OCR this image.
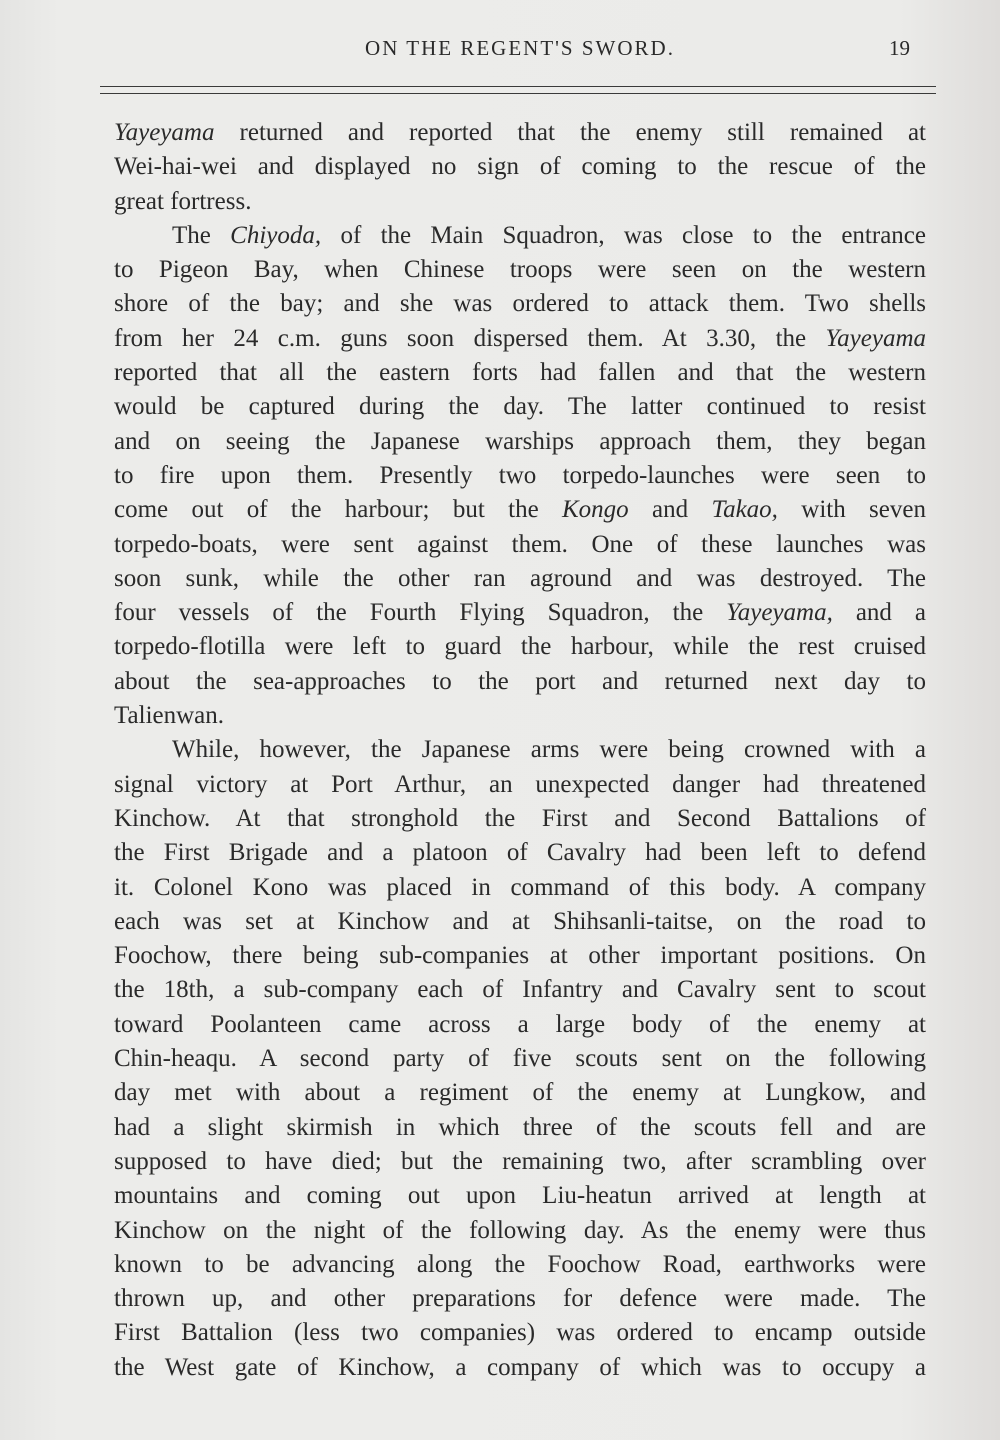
ON THE REGENT'S SWORD.	19
Yayeyama returned and reported that the enemy still remained at
Wei-hai-wei and displayed no sign of coming to the rescue of the
great fortress.
The Chiyoda, of the Main Squadron, was close to the entrance
to Pigeon Bay, when Chinese troops were seen on the western
shore of the bay; and she was ordered to attack them. Two shells
from her 24 c.m. guns soon dispersed them. At 3.30, the Yayeyama
reported that all the eastern forts had fallen and that the western
would be captured during the day. The latter continued to resist
and on seeing the Japanese warships approach them, they began
to fire upon them. Presently two torpedo-launches were seen to
come out of the harbour; but the Kongo and Takao, with seven
torpedo-boats, were sent against them. One of these launches was
soon sunk, while the other ran aground and was destroyed. The
four vessels of the Fourth Flying Squadron, the Yayeyama, and a
torpedo-flotilla were left to guard the harbour, while the rest cruised
about the sea-approaches to the port and returned next day to
Talienwan.
While, however, the Japanese arms were being crowned with a
signal victory at Port Arthur, an unexpected danger had threatened
Kinchow. At that stronghold the First and Second Battalions of
the First Brigade and a platoon of Cavalry had been left to defend
it. Colonel Kono was placed in command of this body. A company
each was set at Kinchow and at Shihsanli-taitse, on the road to
Foochow, there being sub-companies at other important positions. On
the 18th, a sub-company each of Infantry and Cavalry sent to scout
toward Poolanteen came across a large body of the enemy at
Chin-heaqu. A second party of five scouts sent on the following
day met with about a regiment of the enemy at Lungkow, and
had a slight skirmish in which three of the scouts fell and are
supposed to have died; but the remaining two, after scrambling over
mountains and coming out upon Liu-heatun arrived at length at
Kinchow on the night of the following day. As the enemy were thus
known to be advancing along the Foochow Road, earthworks were
thrown up, and other preparations for defence were made. The
First Battalion (less two companies) was ordered to encamp outside
the West gate of Kinchow, a company of which was to occupy a
